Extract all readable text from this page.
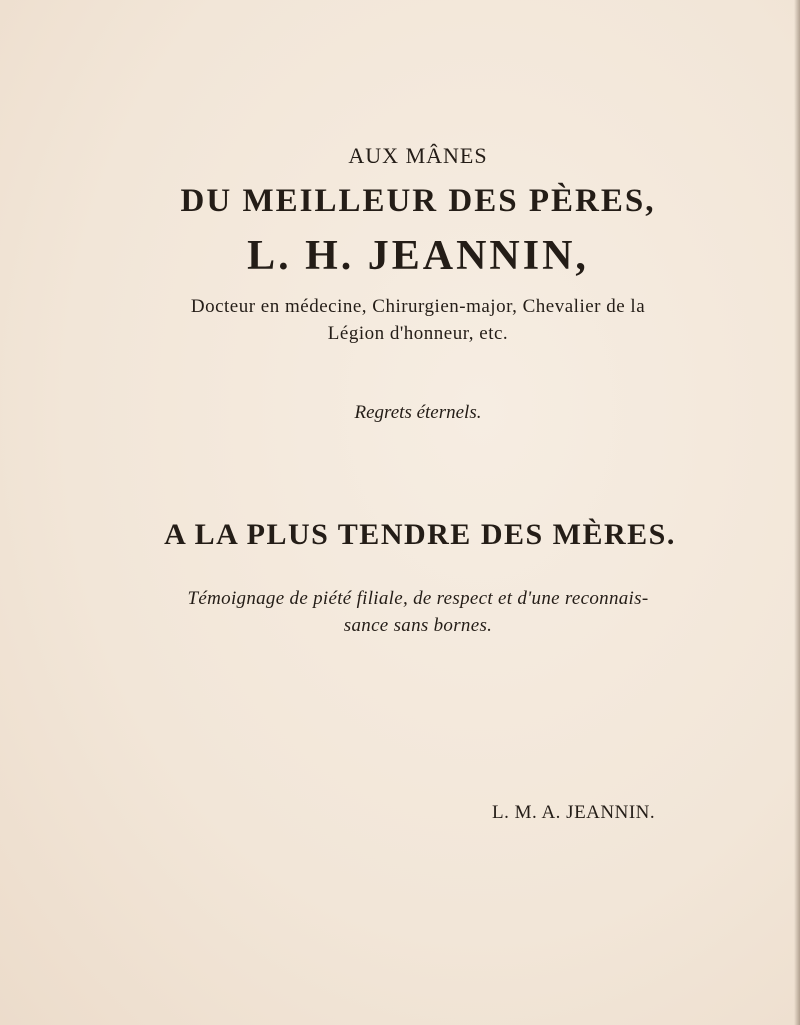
AUX MÂNES
DU MEILLEUR DES PÈRES,
L. H. JEANNIN,
Docteur en médecine, Chirurgien-major, Chevalier de la
Légion d'honneur, etc.
Regrets éternels.
A LA PLUS TENDRE DES MÈRES.
Témoignage de piété filiale, de respect et d'une reconnais-
sance sans bornes.
L. M. A. JEANNIN.
